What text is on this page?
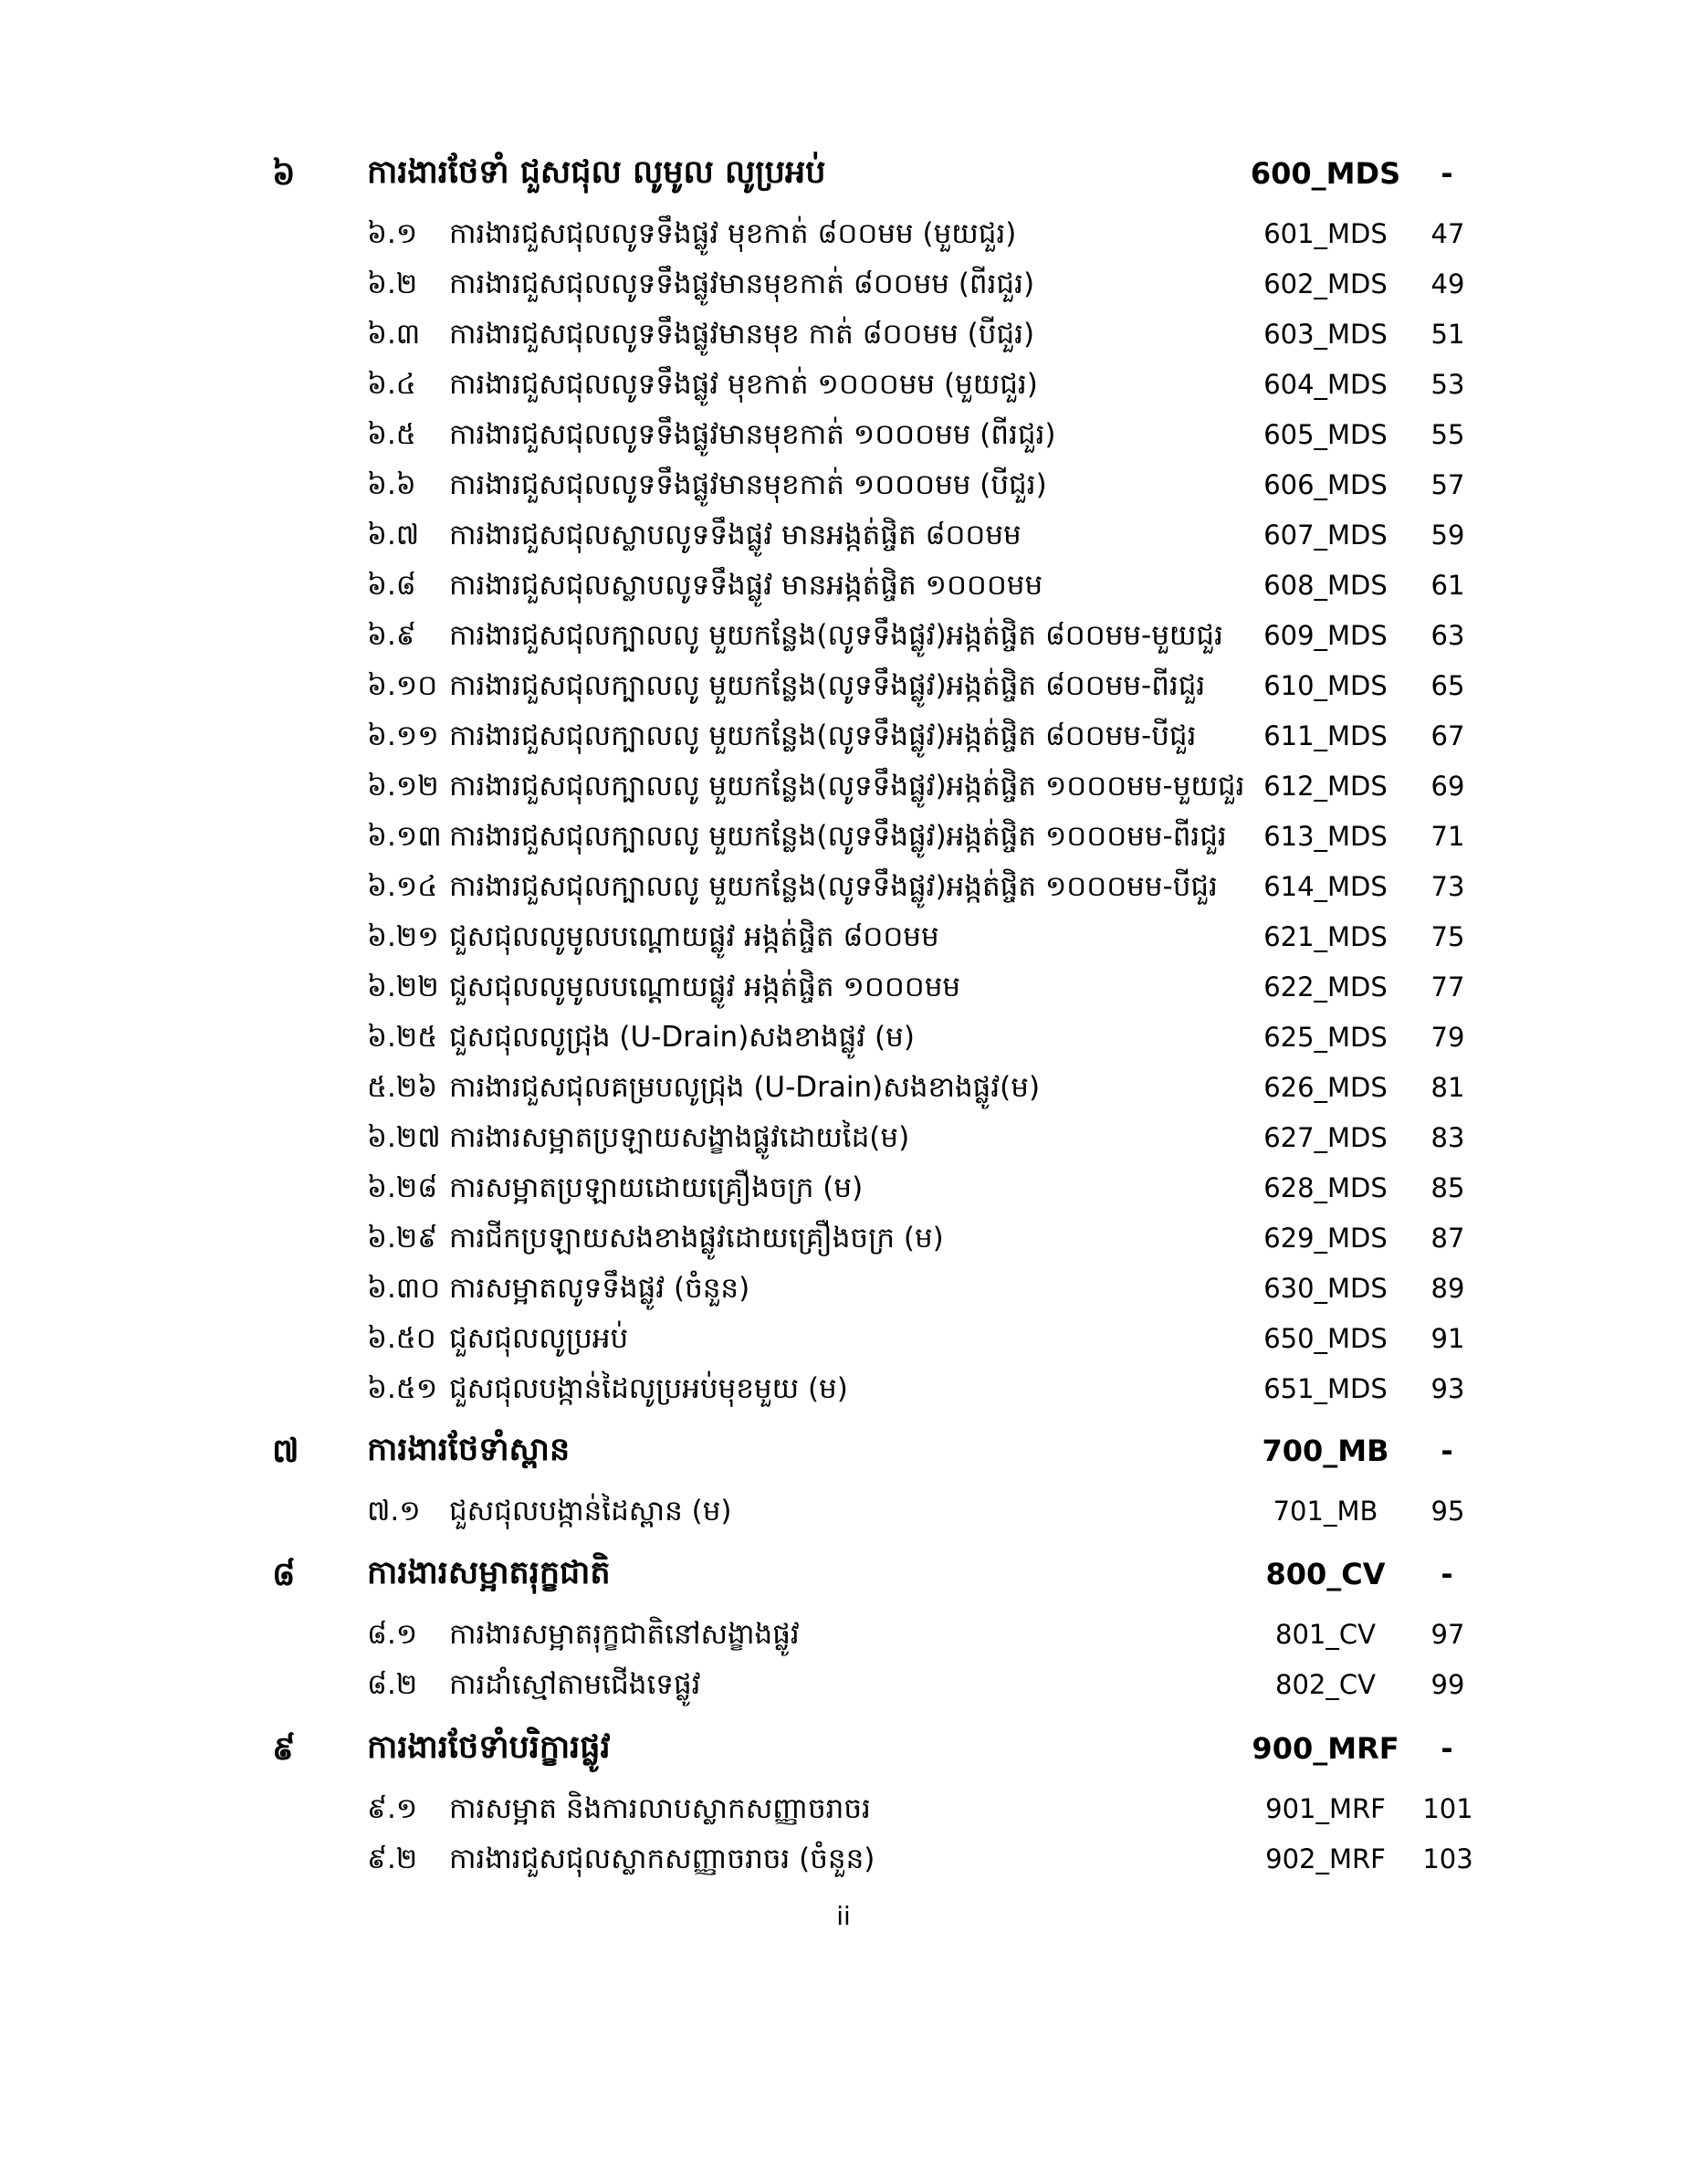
៦ ការងារថែទាំ ជួសជុល លូមូល លូប្រអប់	600_MDS	-
៦.១ ការងារជួសជុលលូទទឹងផ្លូវ មុខកាត់ ៨០០មម (មួយជួរ)	601_MDS	47
៦.២ ការងារជួសជុលលូទទឹងផ្លូវមានមុខកាត់ ៨០០មម (ពីរជួរ)	602_MDS	49
៦.៣ ការងារជួសជុលលូទទឹងផ្លូវមានមុខ កាត់ ៨០០មម (បីជួរ)	603_MDS	51
៦.៤ ការងារជួសជុលលូទទឹងផ្លូវ មុខកាត់ ១០០០មម (មួយជួរ)	604_MDS	53
៦.៥ ការងារជួសជុលលូទទឹងផ្លូវមានមុខកាត់ ១០០០មម (ពីរជួរ)	605_MDS	55
៦.៦ ការងារជួសជុលលូទទឹងផ្លូវមានមុខកាត់ ១០០០មម (បីជួរ)	606_MDS	57
៦.៧ ការងារជួសជុលស្លាបលូទទឹងផ្លូវ មានអង្កត់ផ្ចិត ៨០០មម	607_MDS	59
៦.៨ ការងារជួសជុលស្លាបលូទទឹងផ្លូវ មានអង្កត់ផ្ចិត ១០០០មម	608_MDS	61
៦.៩ ការងារជួសជុលក្បាលលូ មួយកន្លែង(លូទទឹងផ្លូវ)អង្កត់ផ្ចិត ៨០០មម-មួយជួរ	609_MDS	63
៦.១០ ការងារជួសជុលក្បាលលូ មួយកន្លែង(លូទទឹងផ្លូវ)អង្កត់ផ្ចិត ៨០០មម-ពីរជួរ	610_MDS	65
៦.១១ ការងារជួសជុលក្បាលលូ មួយកន្លែង(លូទទឹងផ្លូវ)អង្កត់ផ្ចិត ៨០០មម-បីជួរ	611_MDS	67
៦.១២ ការងារជួសជុលក្បាលលូ មួយកន្លែង(លូទទឹងផ្លូវ)អង្កត់ផ្ចិត ១០០០មម-មួយជួរ 612_MDS	69
៦.១៣ ការងារជួសជុលក្បាលលូ មួយកន្លែង(លូទទឹងផ្លូវ)អង្កត់ផ្ចិត ១០០០មម-ពីរជួរ	613_MDS	71
៦.១៤ ការងារជួសជុលក្បាលលូ មួយកន្លែង(លូទទឹងផ្លូវ)អង្កត់ផ្ចិត ១០០០មម-បីជួរ	614_MDS	73
៦.២១ ជួសជុលលូមូលបណ្តោយផ្លូវ អង្កត់ផ្ចិត ៨០០មម	621_MDS	75
៦.២២ ជួសជុលលូមូលបណ្តោយផ្លូវ អង្កត់ផ្ចិត ១០០០មម	622_MDS	77
៦.២៥ ជួសជុលលូជ្រុង (U-Drain)សងខាងផ្លូវ (ម)	625_MDS	79
៥.២៦ ការងារជួសជុលគម្របលូជ្រុង (U-Drain)សងខាងផ្លូវ(ម)	626_MDS	81
៦.២៧ ការងារសម្អាតប្រឡាយសង្ខាងផ្លូវដោយដៃ(ម)	627_MDS	83
៦.២៨ ការសម្អាតប្រឡាយដោយគ្រឿងចក្រ (ម)	628_MDS	85
៦.២៩ ការជីកប្រឡាយសងខាងផ្លូវដោយគ្រឿងចក្រ (ម)	629_MDS	87
៦.៣០ ការសម្អាតលូទទឹងផ្លូវ (ចំនួន)	630_MDS	89
៦.៥០ ជួសជុលលូប្រអប់	650_MDS	91
៦.៥១ ជួសជុលបង្កាន់ដៃលូប្រអប់មុខមួយ (ម)	651_MDS	93
៧ ការងារថែទាំស្ពាន	700_MB	-
៧.១ ជួសជុលបង្កាន់ដៃស្ពាន (ម)	701_MB	95
៨ ការងារសម្អាតរុក្ខជាតិ	800_CV	-
៨.១ ការងារសម្អាតរុក្ខជាតិនៅសង្ខាងផ្លូវ	801_CV	97
៨.២ ការដាំស្មៅតាមជើងទេផ្លូវ	802_CV	99
៩ ការងារថែទាំបរិក្ខារផ្លូវ	900_MRF	-
៩.១ ការសម្អាត និងការលាបស្លាកសញ្ញាចរាចរ	901_MRF	101
៩.២ ការងារជួសជុលស្លាកសញ្ញាចរាចរ (ចំនួន)	902_MRF	103
ii
